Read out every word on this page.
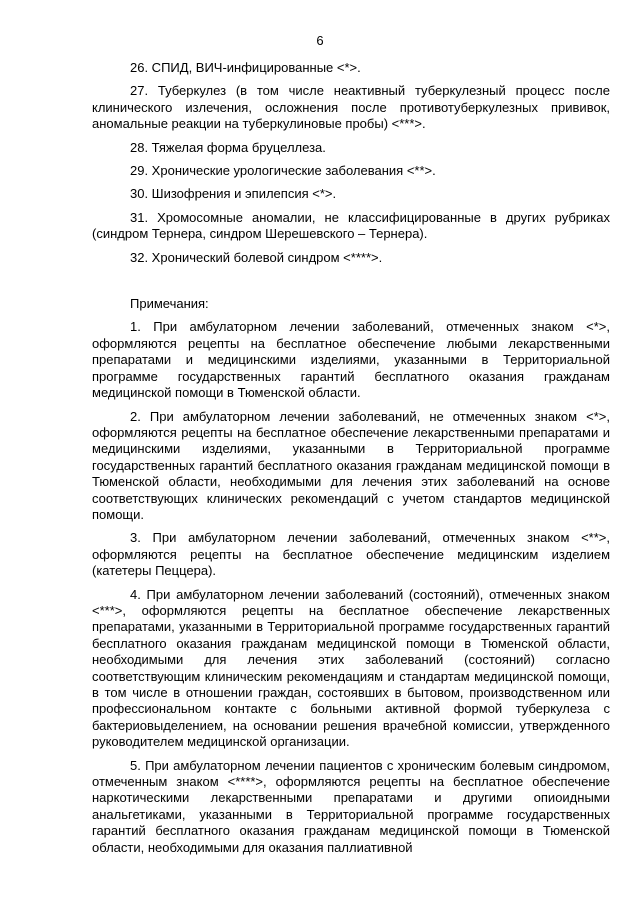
6

26. СПИД, ВИЧ-инфицированные <*>.

27. Туберкулез (в том числе неактивный туберкулезный процесс после клинического излечения, осложнения после противотуберкулезных прививок, аномальные реакции на туберкулиновые пробы) <***>.

28. Тяжелая форма бруцеллеза.

29. Хронические урологические заболевания <**>.

30. Шизофрения и эпилепсия <*>.

31. Хромосомные аномалии, не классифицированные в других рубриках (синдром Тернера, синдром Шерешевского – Тернера).

32. Хронический болевой синдром <****>.

Примечания:

1. При амбулаторном лечении заболеваний, отмеченных знаком <*>, оформляются рецепты на бесплатное обеспечение любыми лекарственными препаратами и медицинскими изделиями, указанными в Территориальной программе государственных гарантий бесплатного оказания гражданам медицинской помощи в Тюменской области.

2. При амбулаторном лечении заболеваний, не отмеченных знаком <*>, оформляются рецепты на бесплатное обеспечение лекарственными препаратами и медицинскими изделиями, указанными в Территориальной программе государственных гарантий бесплатного оказания гражданам медицинской помощи в Тюменской области, необходимыми для лечения этих заболеваний на основе соответствующих клинических рекомендаций с учетом стандартов медицинской помощи.

3. При амбулаторном лечении заболеваний, отмеченных знаком <**>, оформляются рецепты на бесплатное обеспечение медицинским изделием (катетеры Пеццера).

4. При амбулаторном лечении заболеваний (состояний), отмеченных знаком <***>, оформляются рецепты на бесплатное обеспечение лекарственных препаратами, указанными в Территориальной программе государственных гарантий бесплатного оказания гражданам медицинской помощи в Тюменской области, необходимыми для лечения этих заболеваний (состояний) согласно соответствующим клиническим рекомендациям и стандартам медицинской помощи, в том числе в отношении граждан, состоявших в бытовом, производственном или профессиональном контакте с больными активной формой туберкулеза с бактериовыделением, на основании решения врачебной комиссии, утвержденного руководителем медицинской организации.

5. При амбулаторном лечении пациентов с хроническим болевым синдромом, отмеченным знаком <****>, оформляются рецепты на бесплатное обеспечение наркотическими лекарственными препаратами и другими опиоидными анальгетиками, указанными в Территориальной программе государственных гарантий бесплатного оказания гражданам медицинской помощи в Тюменской области, необходимыми для оказания паллиативной
